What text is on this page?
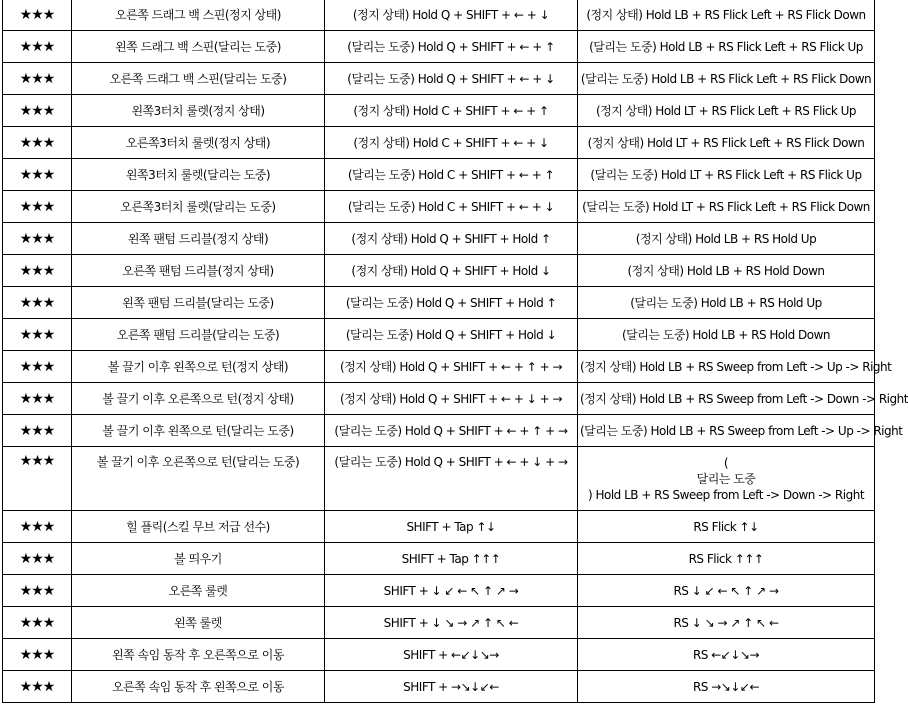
★★★	오른쪽 드래그 백 스핀(정지 상태)	(정지 상태) Hold Q + SHIFT + ← + ↓	(정지 상태) Hold LB + RS Flick Left + RS Flick Down
★★★	왼쪽 드래그 백 스핀(달리는 도중)	(달리는 도중) Hold Q + SHIFT + ← + ↑	(달리는 도중) Hold LB + RS Flick Left + RS Flick Up
★★★	오른쪽 드래그 백 스핀(달리는 도중)	(달리는 도중) Hold Q + SHIFT + ← + ↓	(달리는 도중) Hold LB + RS Flick Left + RS Flick Down
★★★	왼쪽3터치 룰렛(정지 상태)	(정지 상태) Hold C + SHIFT + ← + ↑	(정지 상태) Hold LT + RS Flick Left + RS Flick Up
★★★	오른쪽3터치 룰렛(정지 상태)	(정지 상태) Hold C + SHIFT + ← + ↓	(정지 상태) Hold LT + RS Flick Left + RS Flick Down
★★★	왼쪽3터치 룰렛(달리는 도중)	(달리는 도중) Hold C + SHIFT + ← + ↑	(달리는 도중) Hold LT + RS Flick Left + RS Flick Up
★★★	오른쪽3터치 룰렛(달리는 도중)	(달리는 도중) Hold C + SHIFT + ← + ↓	(달리는 도중) Hold LT + RS Flick Left + RS Flick Down
★★★	왼쪽 팬텀 드리블(정지 상태)	(정지 상태) Hold Q + SHIFT + Hold ↑	(정지 상태) Hold LB + RS Hold Up
★★★	오른쪽 팬텀 드리블(정지 상태)	(정지 상태) Hold Q + SHIFT + Hold ↓	(정지 상태) Hold LB + RS Hold Down
★★★	왼쪽 팬텀 드리블(달리는 도중)	(달리는 도중) Hold Q + SHIFT + Hold ↑	(달리는 도중) Hold LB + RS Hold Up
★★★	오른쪽 팬텀 드리블(달리는 도중)	(달리는 도중) Hold Q + SHIFT + Hold ↓	(달리는 도중) Hold LB + RS Hold Down
★★★	볼 끌기 이후 왼쪽으로 턴(정지 상태)	(정지 상태) Hold Q + SHIFT + ← + ↑ + →	(정지 상태) Hold LB + RS Sweep from Left -> Up -> Right
★★★	볼 끌기 이후 오른쪽으로 턴(정지 상태)	(정지 상태) Hold Q + SHIFT + ← + ↓ + →	(정지 상태) Hold LB + RS Sweep from Left -> Down -> Right
★★★	볼 끌기 이후 왼쪽으로 턴(달리는 도중)	(달리는 도중) Hold Q + SHIFT + ← + ↑ + →	(달리는 도중) Hold LB + RS Sweep from Left -> Up -> Right
★★★	볼 끌기 이후 오른쪽으로 턴(달리는 도중)	(달리는 도중) Hold Q + SHIFT + ← + ↓ + →	(
달리는 도중
) Hold LB + RS Sweep from Left -> Down -> Right

★★★	힐 플릭(스킬 무브 저급 선수)	SHIFT + Tap ↑↓	RS Flick ↑↓
★★★	볼 띄우기	SHIFT + Tap ↑↑↑	RS Flick ↑↑↑
★★★	오른쪽 룰렛	SHIFT + ↓ ↙ ← ↖ ↑ ↗ →	RS ↓ ↙ ← ↖ ↑ ↗ →
★★★	왼쪽 룰렛	SHIFT + ↓ ↘ → ↗ ↑ ↖ ←	RS ↓ ↘ → ↗ ↑ ↖ ←
★★★	왼쪽 속임 동작 후 오른쪽으로 이동	SHIFT + ←↙↓↘→	RS ←↙↓↘→
★★★	오른쪽 속임 동작 후 왼쪽으로 이동	SHIFT + →↘↓↙←	RS →↘↓↙←
